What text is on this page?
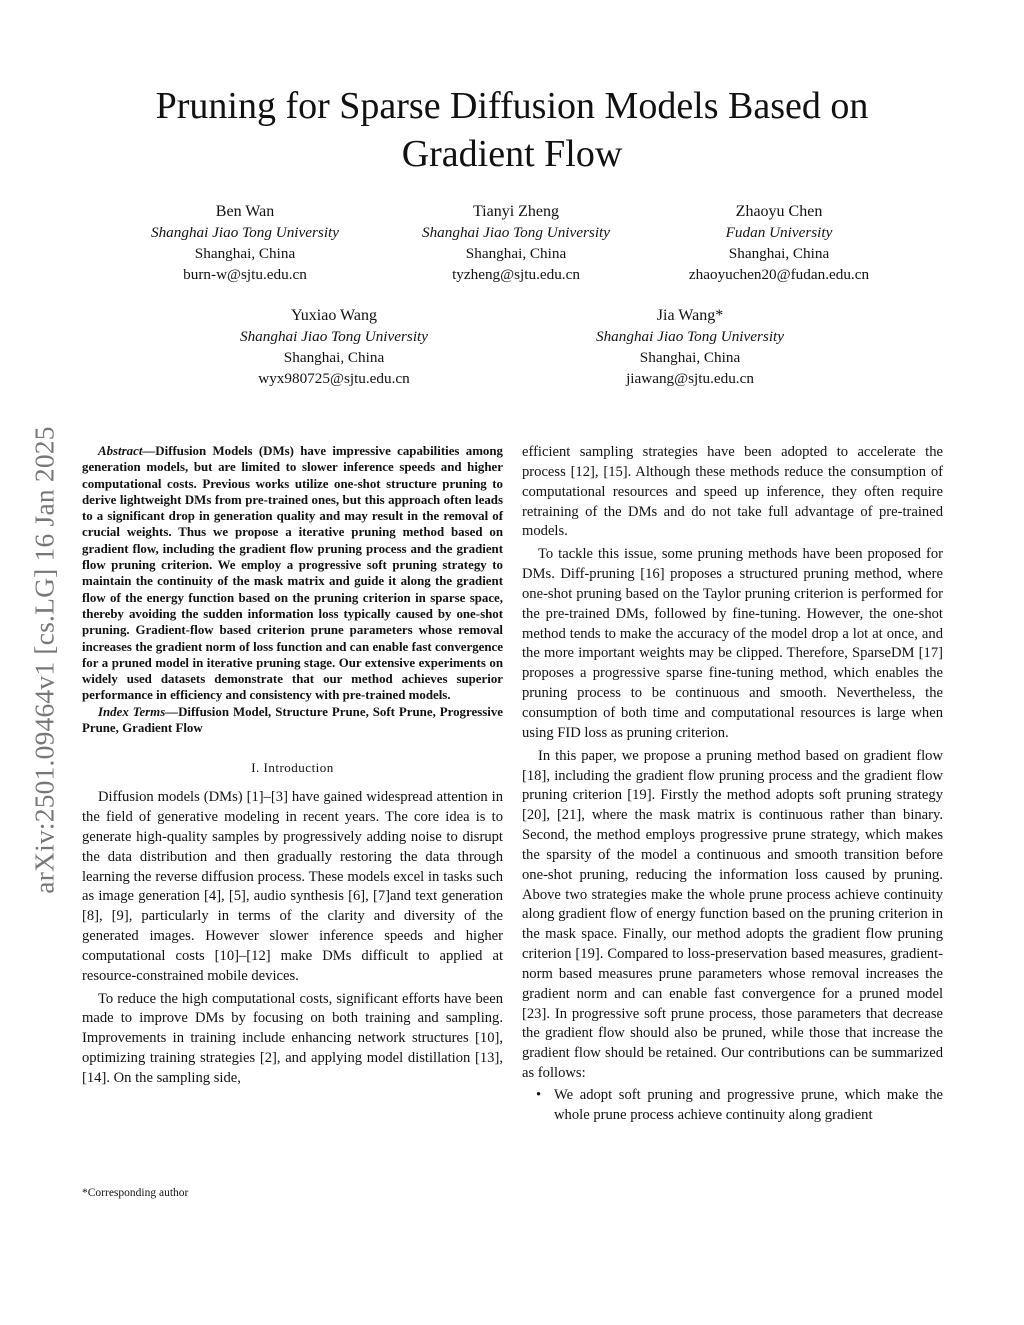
arXiv:2501.09464v1 [cs.LG] 16 Jan 2025
Pruning for Sparse Diffusion Models Based on Gradient Flow
Ben Wan
Shanghai Jiao Tong University
Shanghai, China
burn-w@sjtu.edu.cn
Tianyi Zheng
Shanghai Jiao Tong University
Shanghai, China
tyzheng@sjtu.edu.cn
Zhaoyu Chen
Fudan University
Shanghai, China
zhaoyuchen20@fudan.edu.cn
Yuxiao Wang
Shanghai Jiao Tong University
Shanghai, China
wyx980725@sjtu.edu.cn
Jia Wang*
Shanghai Jiao Tong University
Shanghai, China
jiawang@sjtu.edu.cn

Abstract—Diffusion Models (DMs) have impressive capabilities among generation models, but are limited to slower inference speeds and higher computational costs. Previous works utilize one-shot structure pruning to derive lightweight DMs from pre-trained ones, but this approach often leads to a significant drop in generation quality and may result in the removal of crucial weights. Thus we propose a iterative pruning method based on gradient flow, including the gradient flow pruning process and the gradient flow pruning criterion. We employ a progressive soft pruning strategy to maintain the continuity of the mask matrix and guide it along the gradient flow of the energy function based on the pruning criterion in sparse space, thereby avoiding the sudden information loss typically caused by one-shot pruning. Gradient-flow based criterion prune parameters whose removal increases the gradient norm of loss function and can enable fast convergence for a pruned model in iterative pruning stage. Our extensive experiments on widely used datasets demonstrate that our method achieves superior performance in efficiency and consistency with pre-trained models.

Index Terms—Diffusion Model, Structure Prune, Soft Prune, Progressive Prune, Gradient Flow

I. Introduction

Diffusion models (DMs) [1]–[3] have gained widespread attention in the field of generative modeling in recent years. The core idea is to generate high-quality samples by progressively adding noise to disrupt the data distribution and then gradually restoring the data through learning the reverse diffusion process. These models excel in tasks such as image generation [4], [5], audio synthesis [6], [7]and text generation [8], [9], particularly in terms of the clarity and diversity of the generated images. However slower inference speeds and higher computational costs [10]–[12] make DMs difficult to applied at resource-constrained mobile devices.

To reduce the high computational costs, significant efforts have been made to improve DMs by focusing on both training and sampling. Improvements in training include enhancing network structures [10], optimizing training strategies [2], and applying model distillation [13], [14]. On the sampling side,

*Corresponding author

efficient sampling strategies have been adopted to accelerate the process [12], [15]. Although these methods reduce the consumption of computational resources and speed up inference, they often require retraining of the DMs and do not take full advantage of pre-trained models.

To tackle this issue, some pruning methods have been proposed for DMs. Diff-pruning [16] proposes a structured pruning method, where one-shot pruning based on the Taylor pruning criterion is performed for the pre-trained DMs, followed by fine-tuning. However, the one-shot method tends to make the accuracy of the model drop a lot at once, and the more important weights may be clipped. Therefore, SparseDM [17] proposes a progressive sparse fine-tuning method, which enables the pruning process to be continuous and smooth. Nevertheless, the consumption of both time and computational resources is large when using FID loss as pruning criterion.

In this paper, we propose a pruning method based on gradient flow [18], including the gradient flow pruning process and the gradient flow pruning criterion [19]. Firstly the method adopts soft pruning strategy [20], [21], where the mask matrix is continuous rather than binary. Second, the method employs progressive prune strategy, which makes the sparsity of the model a continuous and smooth transition before one-shot pruning, reducing the information loss caused by pruning. Above two strategies make the whole prune process achieve continuity along gradient flow of energy function based on the pruning criterion in the mask space. Finally, our method adopts the gradient flow pruning criterion [19]. Compared to loss-preservation based measures, gradient-norm based measures prune parameters whose removal increases the gradient norm and can enable fast convergence for a pruned model [23]. In progressive soft prune process, those parameters that decrease the gradient flow should also be pruned, while those that increase the gradient flow should be retained. Our contributions can be summarized as follows:

• We adopt soft pruning and progressive prune, which make the whole prune process achieve continuity along gradient
